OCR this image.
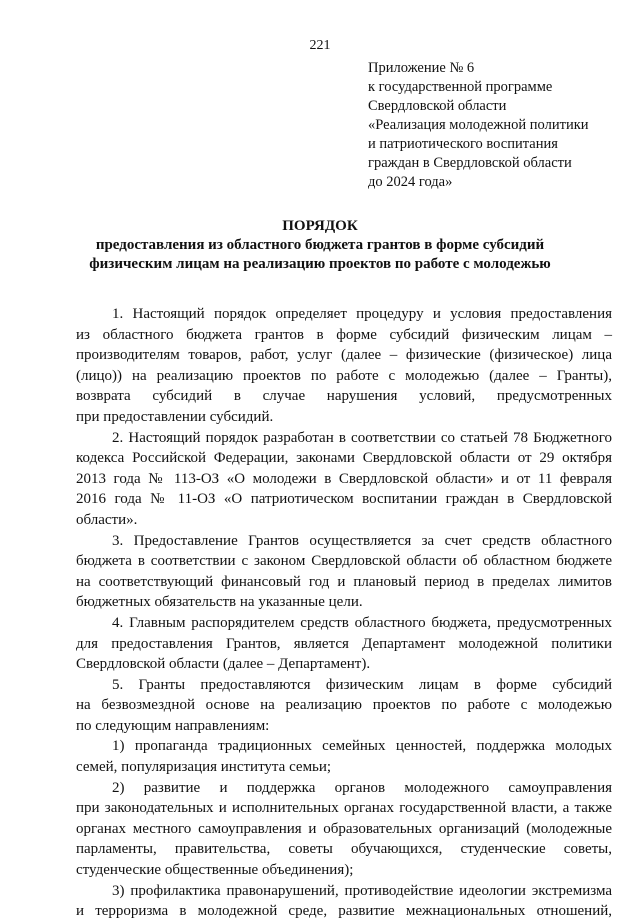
221
Приложение № 6
к государственной программе
Свердловской области
«Реализация молодежной политики
и патриотического воспитания
граждан в Свердловской области
до 2024 года»
ПОРЯДОК
предоставления из областного бюджета грантов в форме субсидий
физическим лицам на реализацию проектов по работе с молодежью
1. Настоящий порядок определяет процедуру и условия предоставления
из областного бюджета грантов в форме субсидий физическим лицам –
производителям товаров, работ, услуг (далее – физические (физическое) лица
(лицо)) на реализацию проектов по работе с молодежью (далее – Гранты),
возврата субсидий в случае нарушения условий, предусмотренных
при предоставлении субсидий.
2. Настоящий порядок разработан в соответствии со статьей 78 Бюджетного
кодекса Российской Федерации, законами Свердловской области от 29 октября
2013 года № 113-ОЗ «О молодежи в Свердловской области» и от 11 февраля
2016 года № 11-ОЗ «О патриотическом воспитании граждан в Свердловской
области».
3. Предоставление Грантов осуществляется за счет средств областного
бюджета в соответствии с законом Свердловской области об областном бюджете
на соответствующий финансовый год и плановый период в пределах лимитов
бюджетных обязательств на указанные цели.
4. Главным распорядителем средств областного бюджета, предусмотренных
для предоставления Грантов, является Департамент молодежной политики
Свердловской области (далее – Департамент).
5. Гранты предоставляются физическим лицам в форме субсидий
на безвозмездной основе на реализацию проектов по работе с молодежью
по следующим направлениям:
1) пропаганда традиционных семейных ценностей, поддержка молодых
семей, популяризация института семьи;
2) развитие и поддержка органов молодежного самоуправления
при законодательных и исполнительных органах государственной власти, а также
органах местного самоуправления и образовательных организаций (молодежные
парламенты, правительства, советы обучающихся, студенческие советы,
студенческие общественные объединения);
3) профилактика правонарушений, противодействие идеологии экстремизма
и терроризма в молодежной среде, развитие межнациональных отношений,
